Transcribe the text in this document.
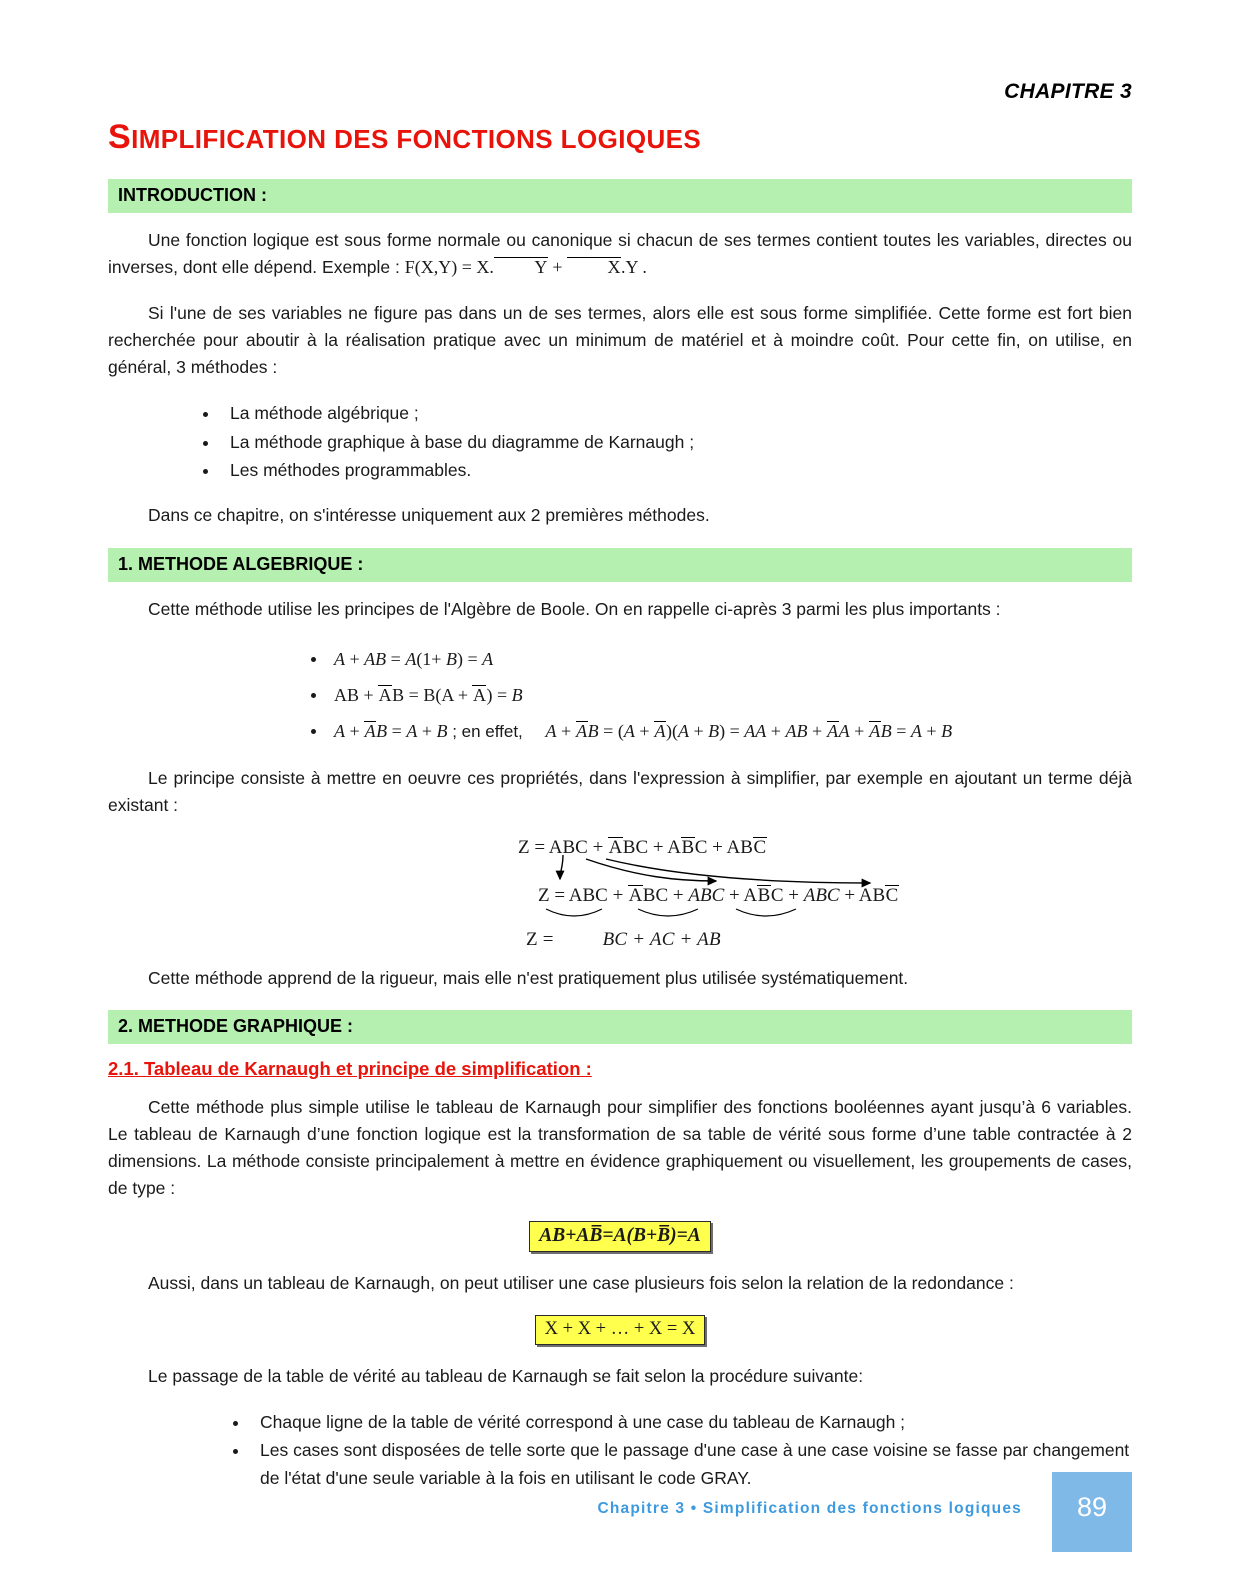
CHAPITRE 3
SIMPLIFICATION DES FONCTIONS LOGIQUES
INTRODUCTION :

Une fonction logique est sous forme normale ou canonique si chacun de ses termes contient toutes les variables, directes ou inverses, dont elle dépend. Exemple : F(X,Y) = X. Y + X.Y .

Si l'une de ses variables ne figure pas dans un de ses termes, alors elle est sous forme simplifiée. Cette forme est fort bien recherchée pour aboutir à la réalisation pratique avec un minimum de matériel et à moindre coût. Pour cette fin, on utilise, en général, 3 méthodes :

• La méthode algébrique ;
• La méthode graphique à base du diagramme de Karnaugh ;
• Les méthodes programmables.

Dans ce chapitre, on s'intéresse uniquement aux 2 premières méthodes.

1. METHODE ALGEBRIQUE :

Cette méthode utilise les principes de l'Algèbre de Boole. On en rappelle ci-après 3 parmi les plus importants :

• A + AB = A(1+ B) = A
• AB + AB = B(A + A) = B
• A + AB = A + B ; en effet, A + AB = (A + A)(A + B) = AA + AB + AA + AB = A + B

Le principe consiste à mettre en oeuvre ces propriétés, dans l'expression à simplifier, par exemple en ajoutant un terme déjà existant :

Z = ABC + ABC + ABC + ABC
Z = ABC + ABC + ABC + ABC + ABC + ABC
Z =	BC + AC + AB

Cette méthode apprend de la rigueur, mais elle n'est pratiquement plus utilisée systématiquement.

2. METHODE GRAPHIQUE :
2.1. Tableau de Karnaugh et principe de simplification :

Cette méthode plus simple utilise le tableau de Karnaugh pour simplifier des fonctions booléennes ayant jusqu’à 6 variables. Le tableau de Karnaugh d’une fonction logique est la transformation de sa table de vérité sous forme d’une table contractée à 2 dimensions. La méthode consiste principalement à mettre en évidence graphiquement ou visuellement, les groupements de cases, de type :

AB+AB̅=A(B+B̅)=A

Aussi, dans un tableau de Karnaugh, on peut utiliser une case plusieurs fois selon la relation de la redondance :

X + X + … + X = X

Le passage de la table de vérité au tableau de Karnaugh se fait selon la procédure suivante:

• Chaque ligne de la table de vérité correspond à une case du tableau de Karnaugh ;
• Les cases sont disposées de telle sorte que le passage d'une case à une case voisine se fasse par changement de l'état d'une seule variable à la fois en utilisant le code GRAY.
Chapitre 3 • Simplification des fonctions logiques	89
